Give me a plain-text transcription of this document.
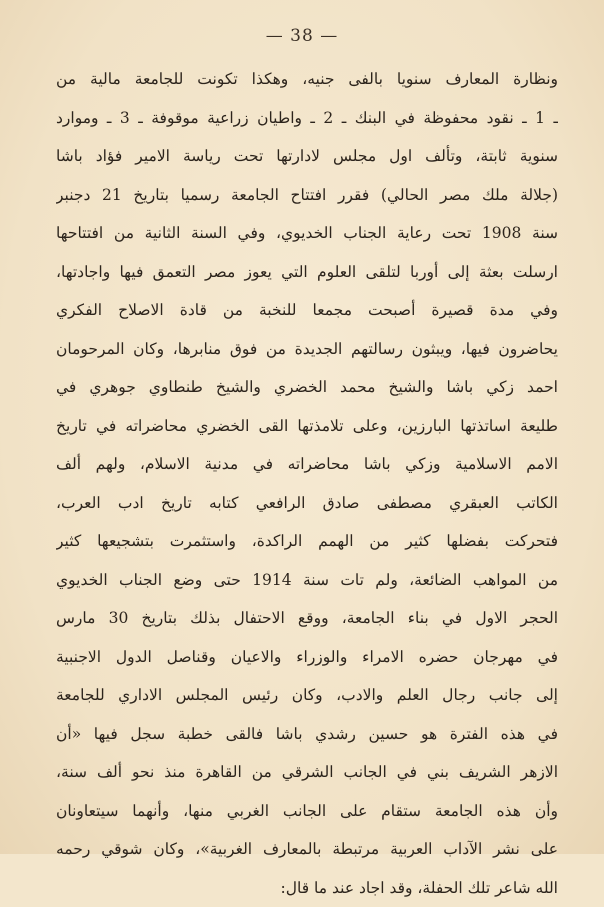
— 38 —
ونظارة المعارف سنويا بالفى جنيه، وهكذا تكونت للجامعة مالية من
ـ 1 ـ نقود محفوظة في البنك ـ 2 ـ واطيان زراعية موقوفة ـ 3 ـ وموارد
سنوية ثابتة، وتألف اول مجلس لادارتها تحت رياسة الامير فؤاد باشا
(جلالة ملك مصر الحالي) فقرر افتتاح الجامعة رسميا بتاريخ 21 دجنبر
سنة 1908 تحت رعاية الجناب الخديوي، وفي السنة الثانية من افتتاحها
ارسلت بعثة إلى أوربا لتلقى العلوم التي يعوز مصر التعمق فيها واجادتها،
وفي مدة قصيرة أصبحت مجمعا للنخبة من قادة الاصلاح الفكري
يحاضرون فيها، ويبثون رسالتهم الجديدة من فوق منابرها، وكان المرحومان
احمد زكي باشا والشيخ محمد الخضري والشيخ طنطاوي جوهري في
طليعة اساتذتها البارزين، وعلى تلامذتها القى الخضري محاضراته في تاريخ
الامم الاسلامية وزكي باشا محاضراته في مدنية الاسلام، ولهم ألف
الكاتب العبقري مصطفى صادق الرافعي كتابه تاريخ ادب العرب،
فتحركت بفضلها كثير من الهمم الراكدة، واستثمرت بتشجيعها كثير
من المواهب الضائعة، ولم تات سنة 1914 حتى وضع الجناب الخديوي
الحجر الاول في بناء الجامعة، ووقع الاحتفال بذلك بتاريخ 30 مارس
في مهرجان حضره الامراء والوزراء والاعيان وقناصل الدول الاجنبية
إلى جانب رجال العلم والادب، وكان رئيس المجلس الاداري للجامعة
في هذه الفترة هو حسين رشدي باشا فالقى خطبة سجل فيها «أن
الازهر الشريف بني في الجانب الشرقي من القاهرة منذ نحو ألف سنة،
وأن هذه الجامعة ستقام على الجانب الغربي منها، وأنهما سيتعاونان
على نشر الآداب العربية مرتبطة بالمعارف الغربية»، وكان شوقي رحمه
الله شاعر تلك الحفلة، وقد اجاد عند ما قال:
